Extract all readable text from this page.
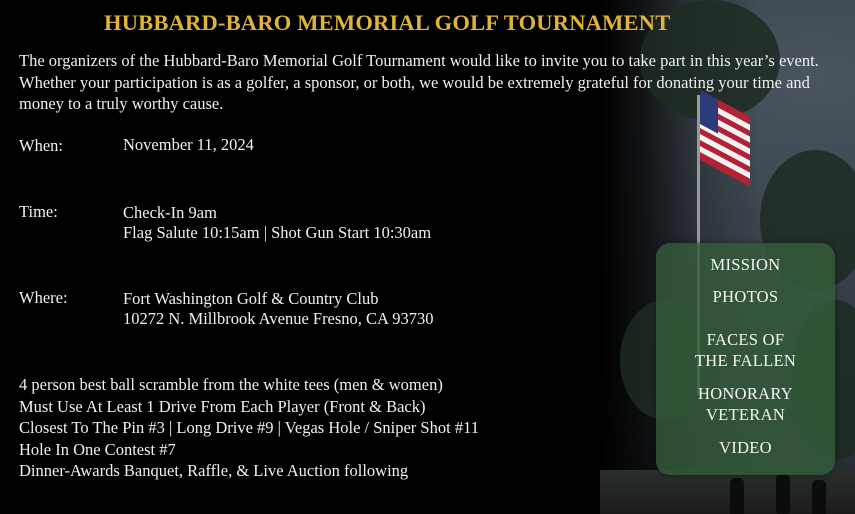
HUBBARD-BARO MEMORIAL GOLF TOURNAMENT
The organizers of the Hubbard-Baro Memorial Golf Tournament would like to invite you to take part in this year’s event. Whether your participation is as a golfer, a sponsor, or both, we would be extremely grateful for donating your time and money to a truly worthy cause.
When:	November 11, 2024
Time:	Check-In 9am
Flag Salute 10:15am | Shot Gun Start 10:30am
Where:	Fort Washington Golf & Country Club
10272 N. Millbrook Avenue Fresno, CA 93730
4 person best ball scramble from the white tees (men & women)
Must Use At Least 1 Drive From Each Player (Front & Back)
Closest To The Pin #3 | Long Drive #9 | Vegas Hole / Sniper Shot #11
Hole In One Contest #7
Dinner-Awards Banquet, Raffle, & Live Auction following
MISSION
PHOTOS
FACES OF
THE FALLEN
HONORARY
VETERAN
VIDEO
